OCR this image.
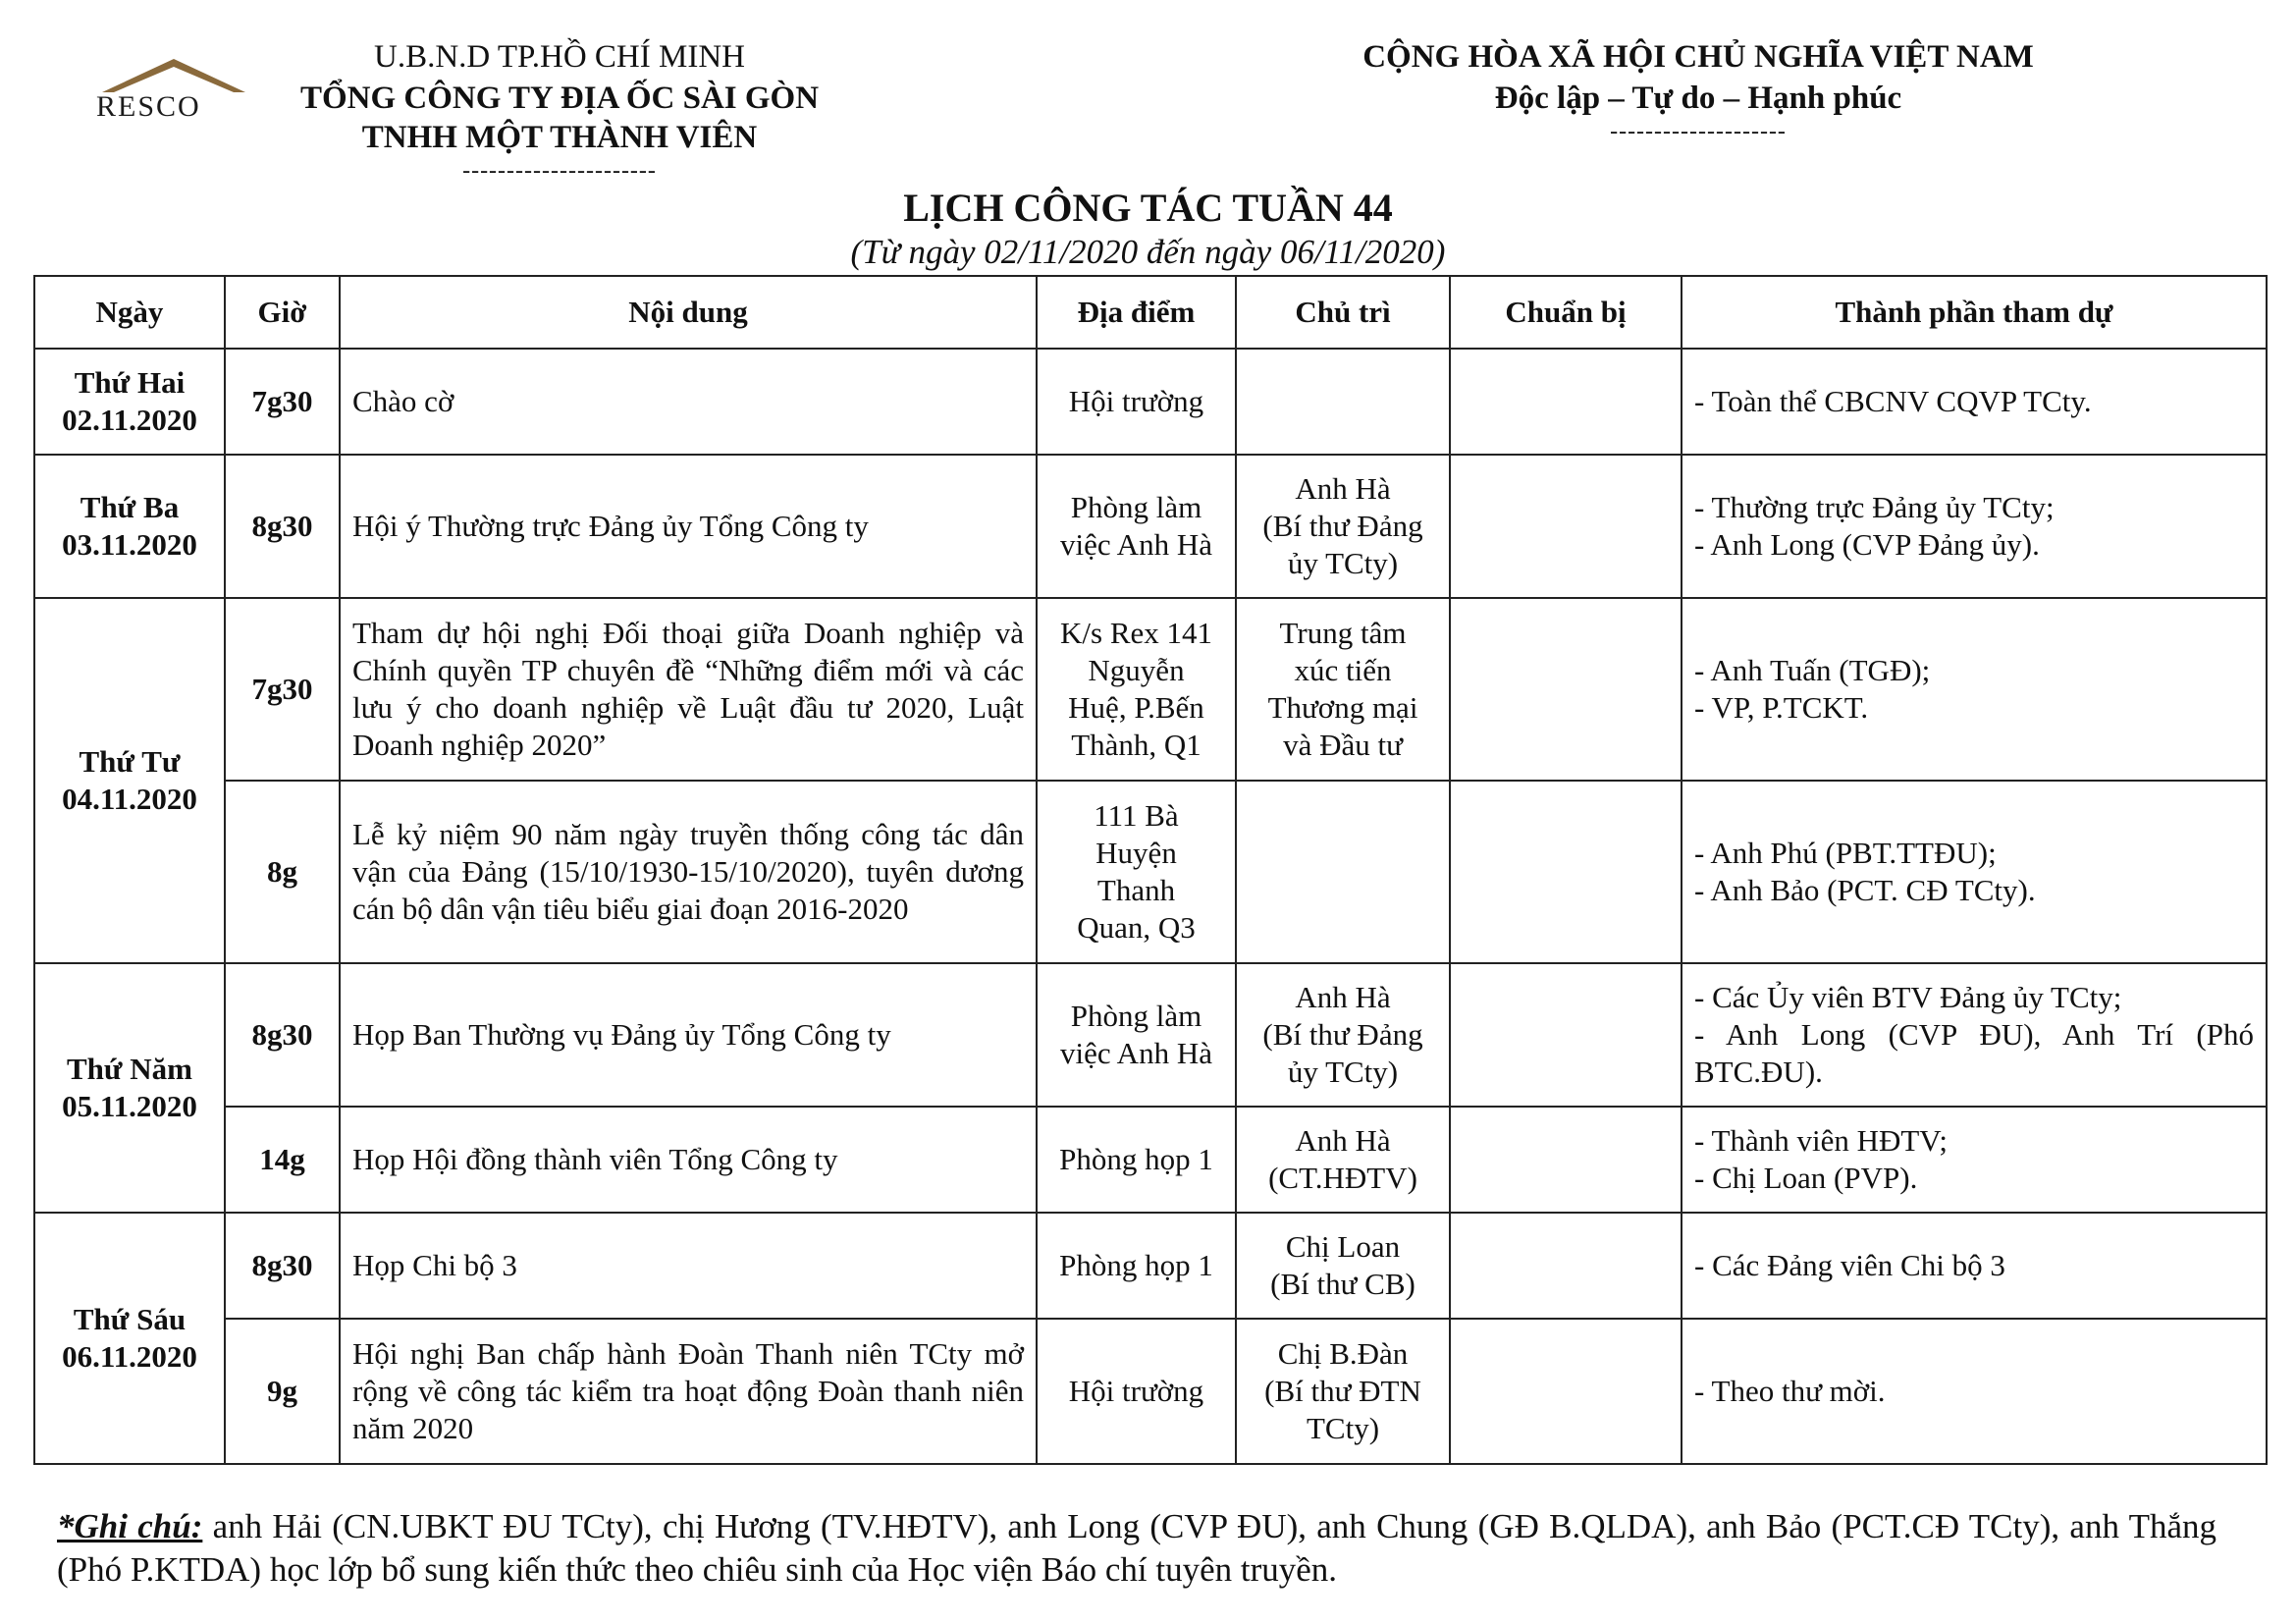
RESCO
U.B.N.D TP.HỒ CHÍ MINH
TỔNG CÔNG TY ĐỊA ỐC SÀI GÒN
TNHH MỘT THÀNH VIÊN
----------------------
CỘNG HÒA XÃ HỘI CHỦ NGHĨA VIỆT NAM
Độc lập – Tự do – Hạnh phúc
--------------------
LỊCH CÔNG TÁC TUẦN 44
(Từ ngày 02/11/2020 đến ngày 06/11/2020)
Ngày	Giờ	Nội dung	Địa điểm	Chủ trì	Chuẩn bị	Thành phần tham dự

Thứ Hai
02.11.2020	7g30	Chào cờ	Hội trường			- Toàn thể CBCNV CQVP TCty.

Thứ Ba
03.11.2020	8g30	Hội ý Thường trực Đảng ủy Tổng Công ty	Phòng làm
việc Anh Hà	Anh Hà
(Bí thư Đảng
ủy TCty)		- Thường trực Đảng ủy TCty;
- Anh Long (CVP Đảng ủy).

Thứ Tư
04.11.2020	7g30	Tham dự hội nghị Đối thoại giữa Doanh nghiệp và Chính quyền TP chuyên đề “Những điểm mới và các lưu ý cho doanh nghiệp về Luật đầu tư 2020, Luật Doanh nghiệp 2020”	K/s Rex 141
Nguyễn
Huệ, P.Bến
Thành, Q1	Trung tâm
xúc tiến
Thương mại
và Đầu tư		- Anh Tuấn (TGĐ);
- VP, P.TCKT.

	8g	Lễ kỷ niệm 90 năm ngày truyền thống công tác dân vận của Đảng (15/10/1930-15/10/2020), tuyên dương cán bộ dân vận tiêu biểu giai đoạn 2016-2020	111 Bà
Huyện
Thanh
Quan, Q3			- Anh Phú (PBT.TTĐU);
- Anh Bảo (PCT. CĐ TCty).

Thứ Năm
05.11.2020	8g30	Họp Ban Thường vụ Đảng ủy Tổng Công ty	Phòng làm
việc Anh Hà	Anh Hà
(Bí thư Đảng
ủy TCty)		- Các Ủy viên BTV Đảng ủy TCty;
- Anh Long (CVP ĐU), Anh Trí (Phó BTC.ĐU).

	14g	Họp Hội đồng thành viên Tổng Công ty	Phòng họp 1	Anh Hà
(CT.HĐTV)		- Thành viên HĐTV;
- Chị Loan (PVP).

Thứ Sáu
06.11.2020	8g30	Họp Chi bộ 3	Phòng họp 1	Chị Loan
(Bí thư CB)		- Các Đảng viên Chi bộ 3

	9g	Hội nghị Ban chấp hành Đoàn Thanh niên TCty mở rộng về công tác kiểm tra hoạt động Đoàn thanh niên năm 2020	Hội trường	Chị B.Đàn
(Bí thư ĐTN
TCty)		- Theo thư mời.
*Ghi chú: anh Hải (CN.UBKT ĐU TCty), chị Hương (TV.HĐTV), anh Long (CVP ĐU), anh Chung (GĐ B.QLDA), anh Bảo (PCT.CĐ TCty), anh Thắng (Phó P.KTDA) học lớp bổ sung kiến thức theo chiêu sinh của Học viện Báo chí tuyên truyền.
